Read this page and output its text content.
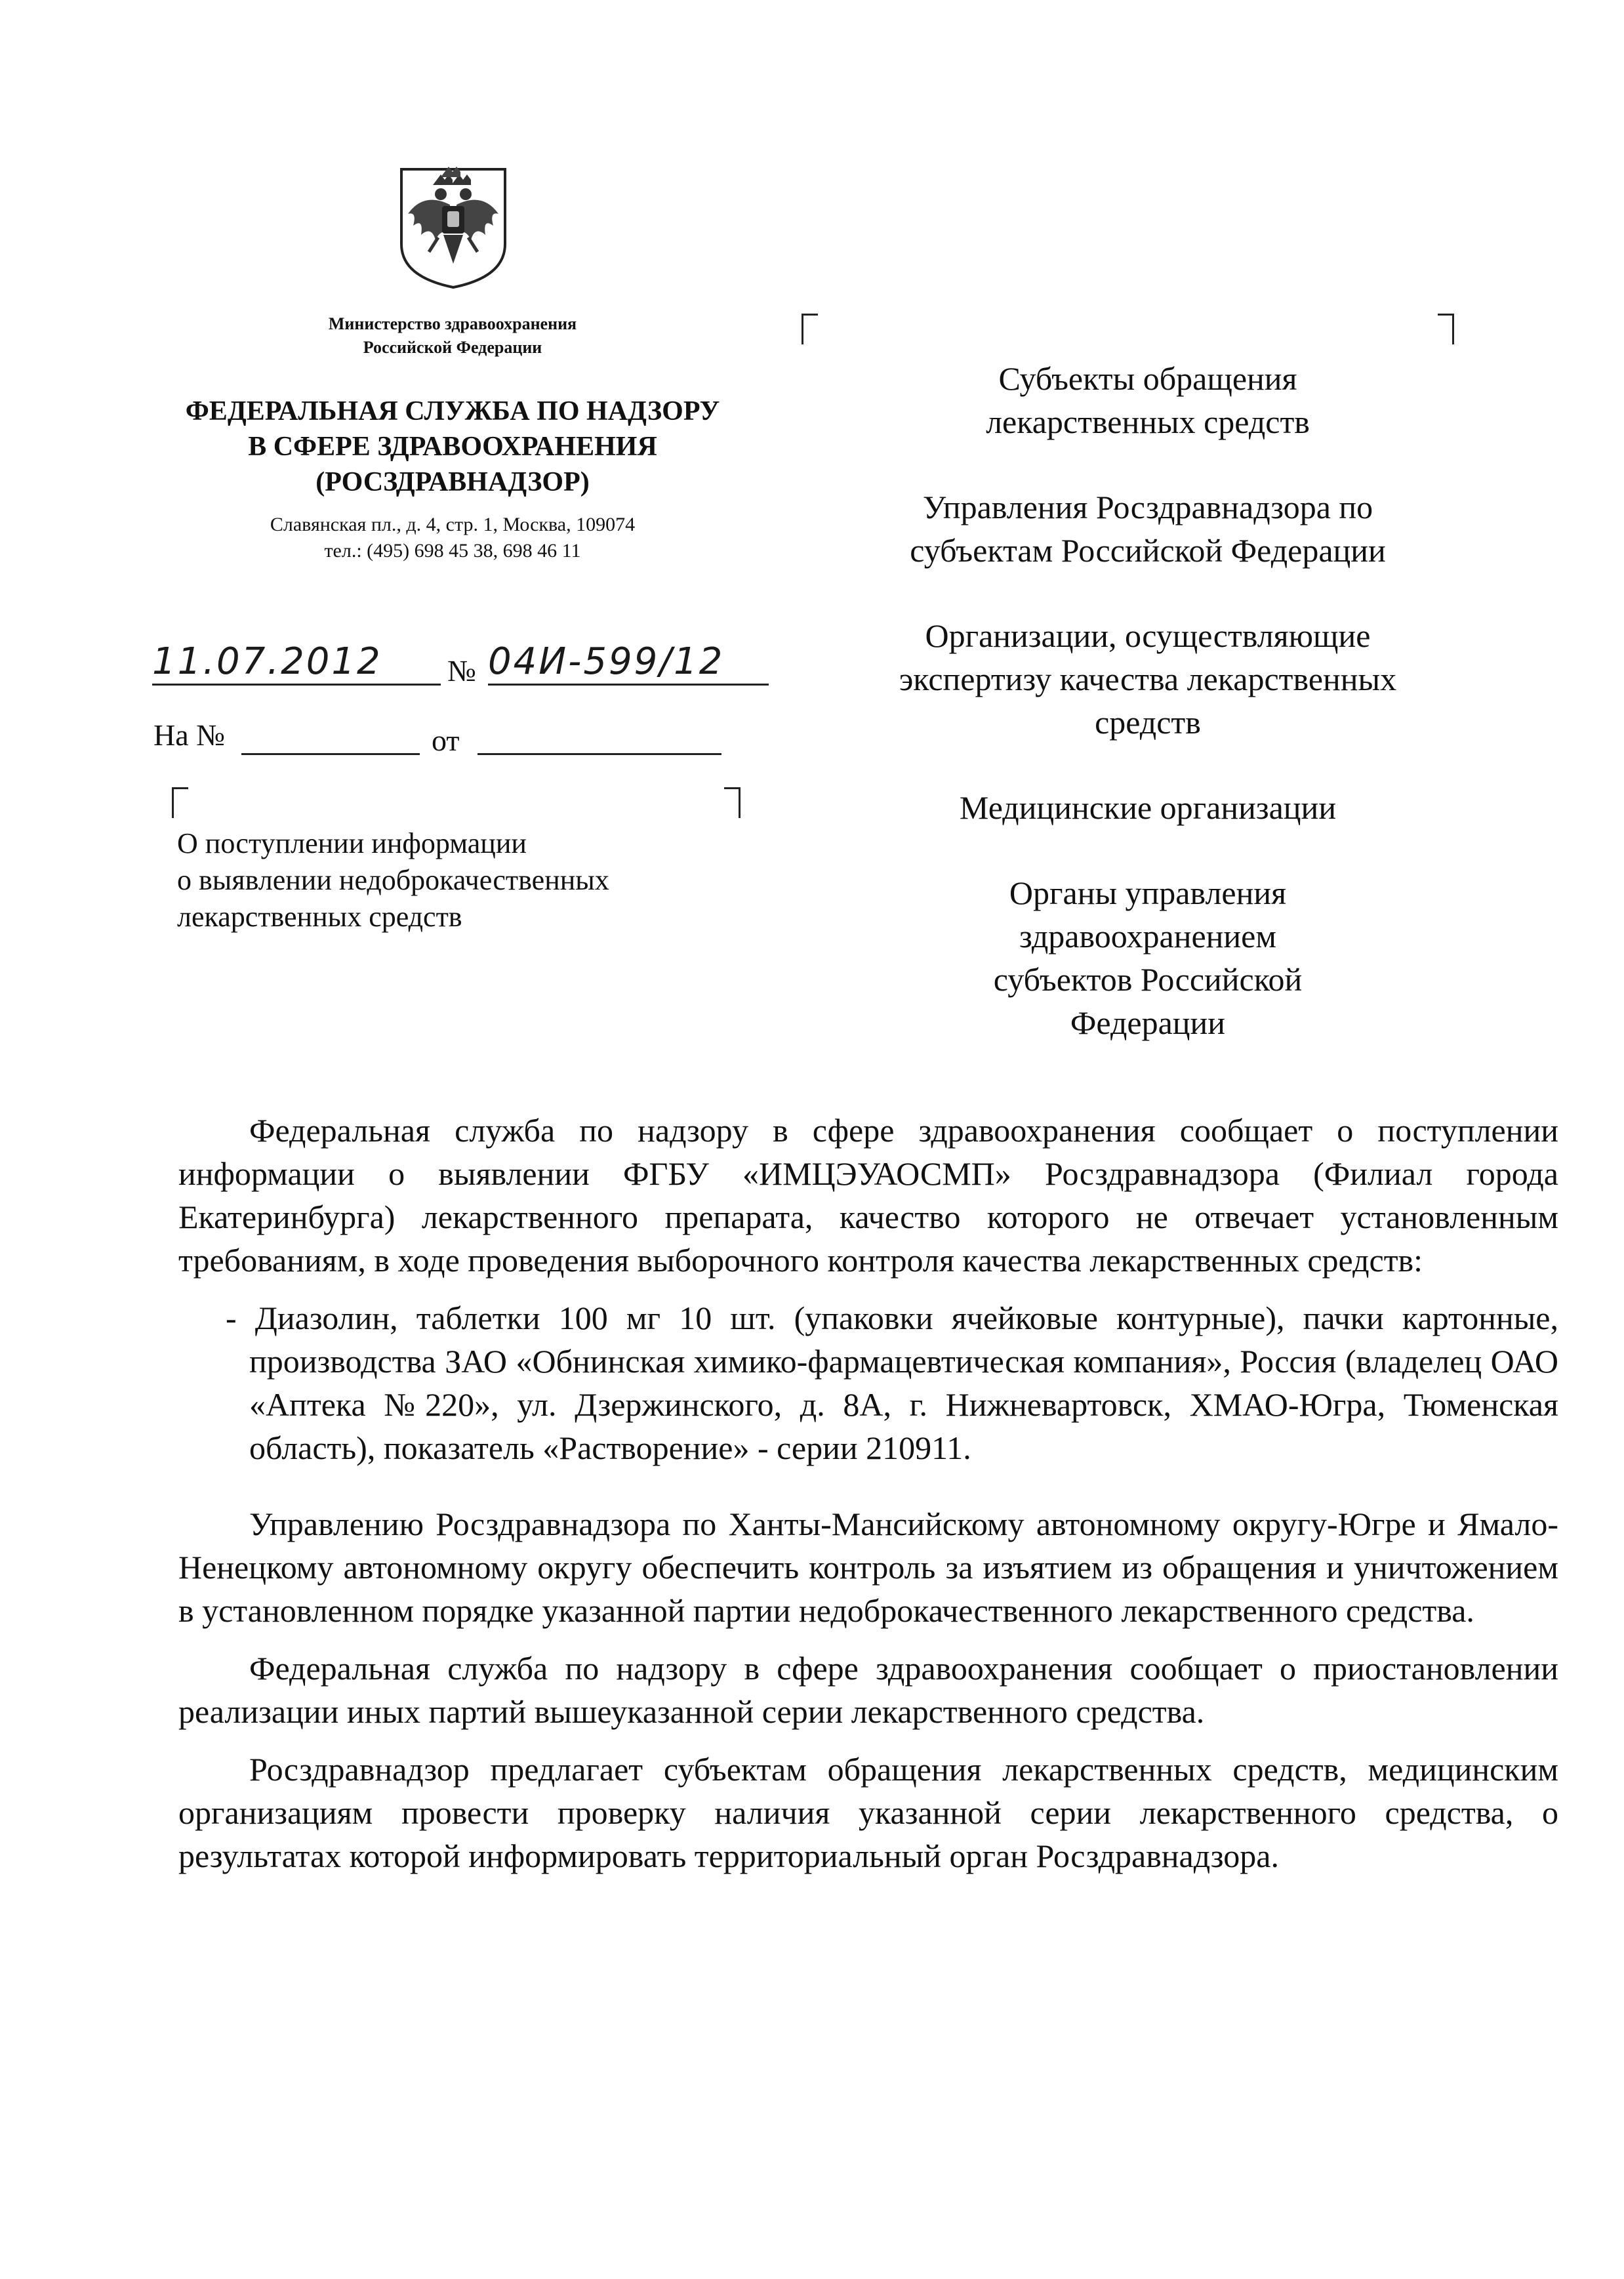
Министерство здравоохранения
Российской Федерации
ФЕДЕРАЛЬНАЯ СЛУЖБА ПО НАДЗОРУ
В СФЕРЕ ЗДРАВООХРАНЕНИЯ
(РОСЗДРАВНАДЗОР)
Славянская пл., д. 4, стр. 1, Москва, 109074
тел.: (495) 698 45 38, 698 46 11
11.07.2012	№ 04И-599/12
На №	от
О поступлении информации
о выявлении недоброкачественных
лекарственных средств
Субъекты обращения лекарственных средств
Управления Росздравнадзора по субъектам Российской Федерации
Организации, осуществляющие экспертизу качества лекарственных средств
Медицинские организации
Органы управления здравоохранением субъектов Российской Федерации

Федеральная служба по надзору в сфере здравоохранения сообщает о поступлении информации о выявлении ФГБУ «ИМЦЭУАОСМП» Росздравнадзора (Филиал города Екатеринбурга) лекарственного препарата, качество которого не отвечает установленным требованиям, в ходе проведения выборочного контроля качества лекарственных средств:

- Диазолин, таблетки 100 мг 10 шт. (упаковки ячейковые контурные), пачки картонные, производства ЗАО «Обнинская химико-фармацевтическая компания», Россия (владелец ОАО «Аптека №220», ул. Дзержинского, д. 8А, г. Нижневартовск, ХМАО-Югра, Тюменская область), показатель «Растворение» - серии 210911.

Управлению Росздравнадзора по Ханты-Мансийскому автономному округу-Югре и Ямало-Ненецкому автономному округу обеспечить контроль за изъятием из обращения и уничтожением в установленном порядке указанной партии недоброкачественного лекарственного средства.

Федеральная служба по надзору в сфере здравоохранения сообщает о приостановлении реализации иных партий вышеуказанной серии лекарственного средства.

Росздравнадзор предлагает субъектам обращения лекарственных средств, медицинским организациям провести проверку наличия указанной серии лекарственного средства, о результатах которой информировать территориальный орган Росздравнадзора.
